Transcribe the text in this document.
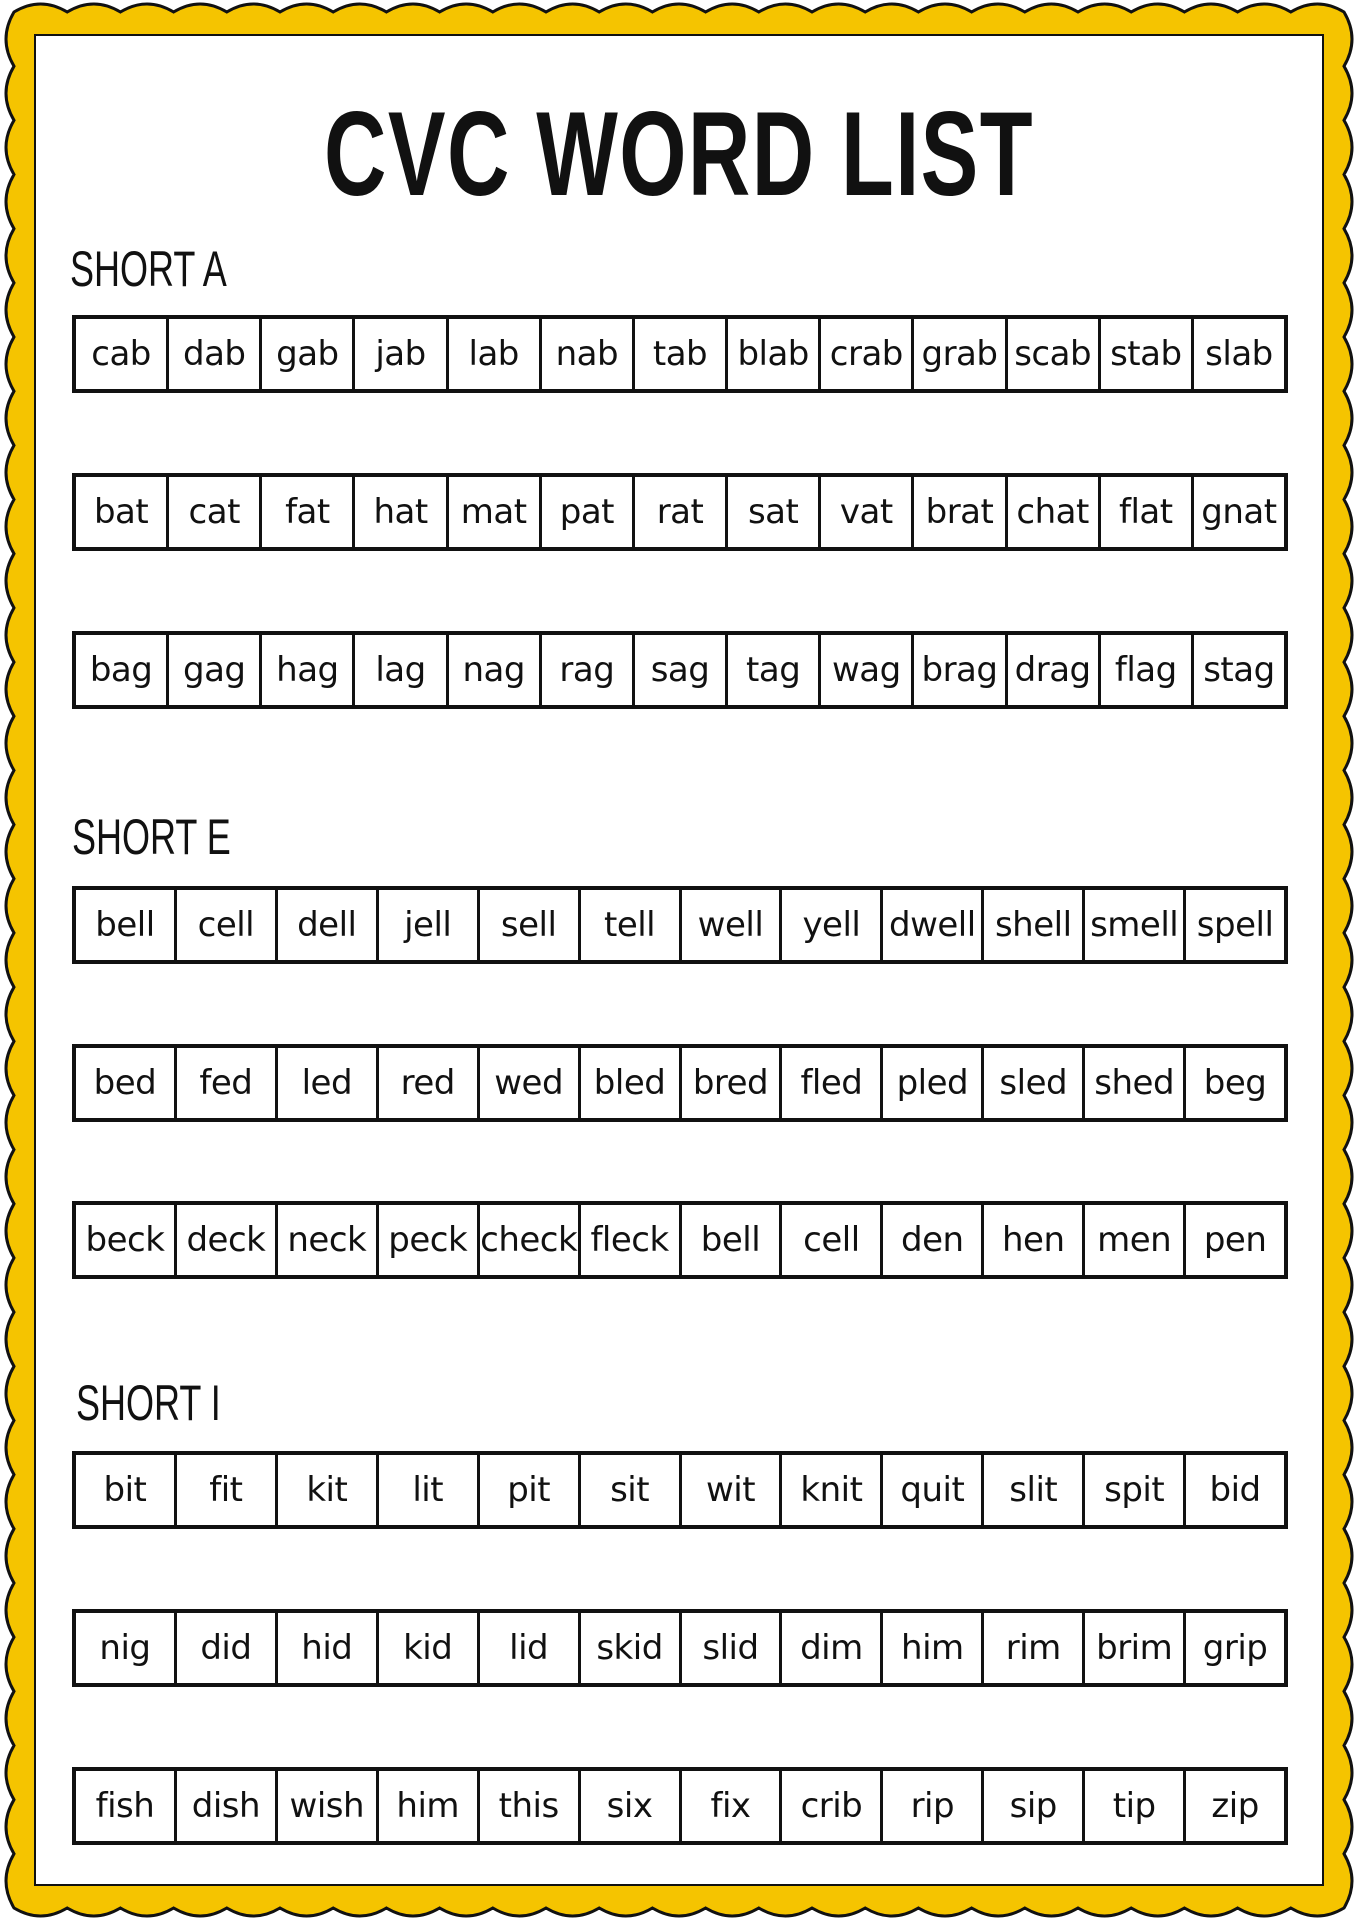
CVC WORD LIST
SHORT A
cab dab gab	jab	lab	nab	tab blab crab grab scab stab slab
bat	cat	fat	hat mat pat	rat	sat	vat brat chat flat gnat
bag gag hag	lag	nag	rag	sag	tag wag brag drag flag stag
SHORT E
bell	cell	dell	jell	sell	tell	well	yell dwell shell smell spell
bed	fed	led	red	wed bled bred fled	pled sled shed beg
beck deck neck peck check fleck bell	cell	den	hen men pen
SHORT I
bit	fit	kit	lit	pit	sit	wit	knit	quit	slit	spit	bid
nig	did	hid	kid	lid	skid	slid	dim	him	rim	brim grip
fish	dish wish him	this	six	fix	crib	rip	sip	tip	zip
